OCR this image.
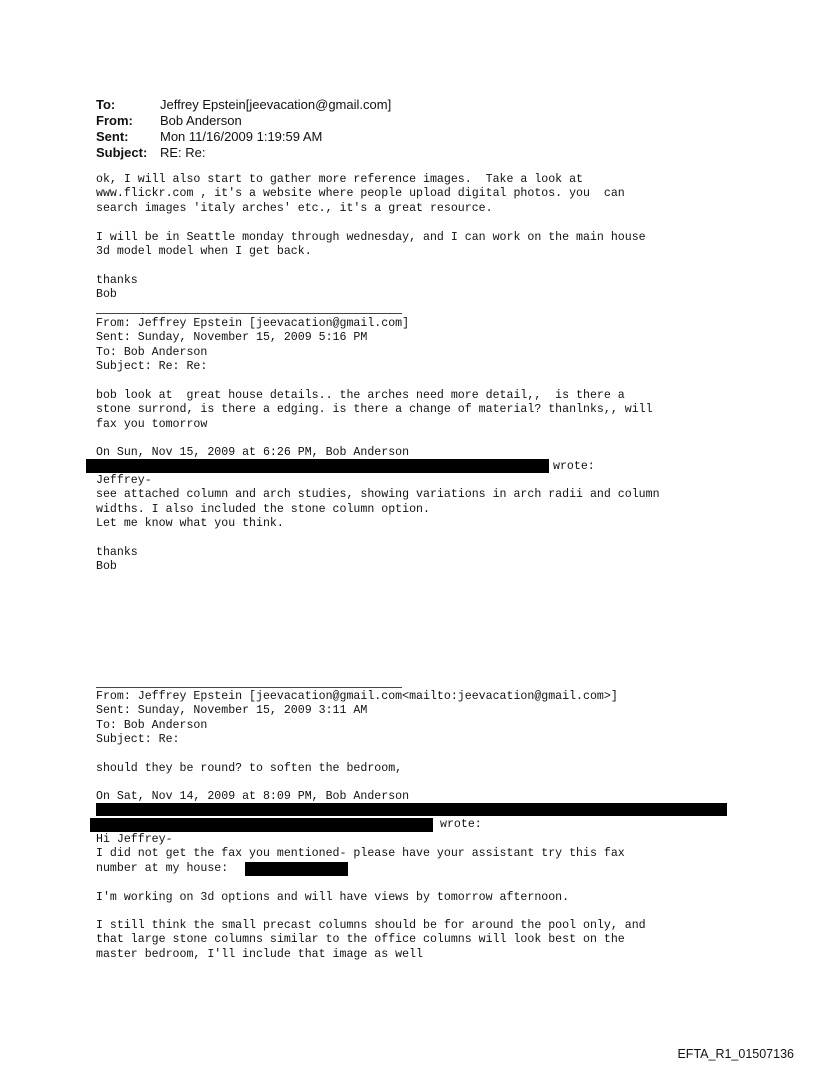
To:	Jeffrey Epstein[jeevacation@gmail.com]
From:	Bob Anderson
Sent:	Mon 11/16/2009 1:19:59 AM
Subject: RE: Re:

ok, I will also start to gather more reference images.  Take a look at
www.flickr.com , it's a website where people upload digital photos. you  can
search images 'italy arches' etc., it's a great resource.

I will be in Seattle monday through wednesday, and I can work on the main house
3d model model when I get back.

thanks
Bob

From: Jeffrey Epstein [jeevacation@gmail.com]
Sent: Sunday, November 15, 2009 5:16 PM
To: Bob Anderson
Subject: Re: Re:

bob look at  great house details.. the arches need more detail,,  is there a
stone surrond, is there a edging. is there a change of material? thanlnks,, will
fax you tomorrow

On Sun, Nov 15, 2009 at 6:26 PM, Bob Anderson

wrote:

Jeffrey-
see attached column and arch studies, showing variations in arch radii and column
widths. I also included the stone column option.
Let me know what you think.

thanks
Bob

From: Jeffrey Epstein [jeevacation@gmail.com<mailto:jeevacation@gmail.com>]
Sent: Sunday, November 15, 2009 3:11 AM
To: Bob Anderson
Subject: Re:

should they be round? to soften the bedroom,

On Sat, Nov 14, 2009 at 8:09 PM, Bob Anderson

wrote:

Hi Jeffrey-
I did not get the fax you mentioned- please have your assistant try this fax
number at my house:

I'm working on 3d options and will have views by tomorrow afternoon.

I still think the small precast columns should be for around the pool only, and
that large stone columns similar to the office columns will look best on the
master bedroom, I'll include that image as well

EFTA_R1_01507136
